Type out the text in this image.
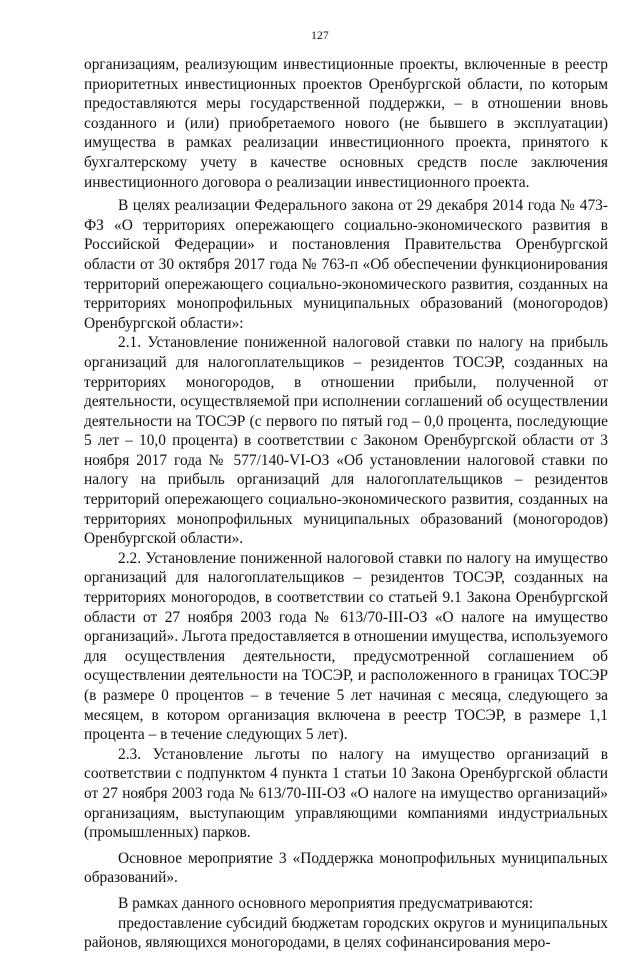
127

организациям, реализующим инвестиционные проекты, включенные в реестр приоритетных инвестиционных проектов Оренбургской области, по которым предоставляются меры государственной поддержки, – в отношении вновь созданного и (или) приобретаемого нового (не бывшего в эксплуатации) имущества в рамках реализации инвестиционного проекта, принятого к бухгалтерскому учету в качестве основных средств после заключения инвестиционного договора о реализации инвестиционного проекта.

В целях реализации Федерального закона от 29 декабря 2014 года № 473-ФЗ «О территориях опережающего социально-экономического развития в Российской Федерации» и постановления Правительства Оренбургской области от 30 октября 2017 года № 763-п «Об обеспечении функционирования территорий опережающего социально-экономического развития, созданных на территориях монопрофильных муниципальных образований (моногородов) Оренбургской области»:

2.1. Установление пониженной налоговой ставки по налогу на прибыль организаций для налогоплательщиков – резидентов ТОСЭР, созданных на территориях моногородов, в отношении прибыли, полученной от деятельности, осуществляемой при исполнении соглашений об осуществлении деятельности на ТОСЭР (с первого по пятый год – 0,0 процента, последующие 5 лет – 10,0 процента) в соответствии с Законом Оренбургской области от 3 ноября 2017 года № 577/140-VI-ОЗ «Об установлении налоговой ставки по налогу на прибыль организаций для налогоплательщиков – резидентов территорий опережающего социально-экономического развития, созданных на территориях монопрофильных муниципальных образований (моногородов) Оренбургской области».

2.2. Установление пониженной налоговой ставки по налогу на имущество организаций для налогоплательщиков – резидентов ТОСЭР, созданных на территориях моногородов, в соответствии со статьей 9.1 Закона Оренбургской области от 27 ноября 2003 года № 613/70-III-ОЗ «О налоге на имущество организаций». Льгота предоставляется в отношении имущества, используемого для осуществления деятельности, предусмотренной соглашением об осуществлении деятельности на ТОСЭР, и расположенного в границах ТОСЭР (в размере 0 процентов – в течение 5 лет начиная с месяца, следующего за месяцем, в котором организация включена в реестр ТОСЭР, в размере 1,1 процента – в течение следующих 5 лет).

2.3. Установление льготы по налогу на имущество организаций в соответствии с подпунктом 4 пункта 1 статьи 10 Закона Оренбургской области от 27 ноября 2003 года № 613/70-III-ОЗ «О налоге на имущество организаций» организациям, выступающим управляющими компаниями индустриальных (промышленных) парков.

Основное мероприятие 3 «Поддержка монопрофильных муниципальных образований».

В рамках данного основного мероприятия предусматриваются:

предоставление субсидий бюджетам городских округов и муниципальных районов, являющихся моногородами, в целях софинансирования меро-
